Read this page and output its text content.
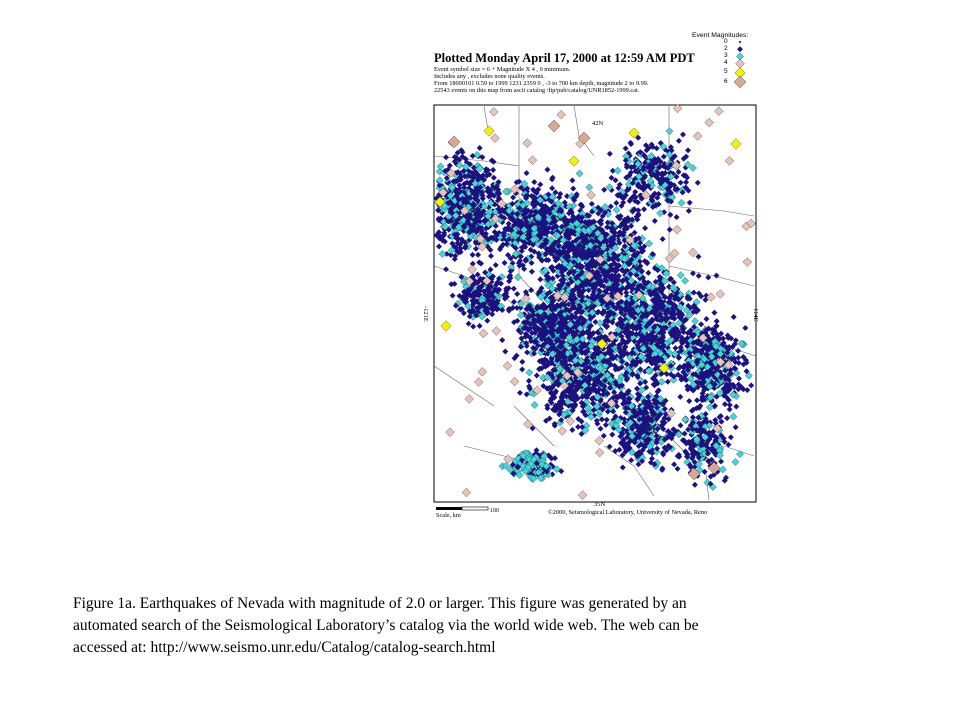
Plotted Monday April 17, 2000 at 12:59 AM PDT

Event symbol size = 6 + Magnitude X 4 , 0 minimum.

Includes any , excludes none quality events.

From 18000101 0.59 to 1999 1231 2359 0 , -3 to 700 km depth, magnitude 2 to 9.99.

22543 events on this map from ascii catalog /ftp/pub/catalog/UNR1852-1999.cat.

Event Magnitudes:
0
2
3
4
5
6
42N
35N
-121E	-114E
Scale, km
100	©2000, Seismological Laboratory, University of Nevada, Reno

Figure 1a. Earthquakes of Nevada with magnitude of 2.0 or larger. This figure was generated by an
automated search of the Seismological Laboratory’s catalog via the world wide web. The web can be
accessed at: http://www.seismo.unr.edu/Catalog/catalog-search.html
